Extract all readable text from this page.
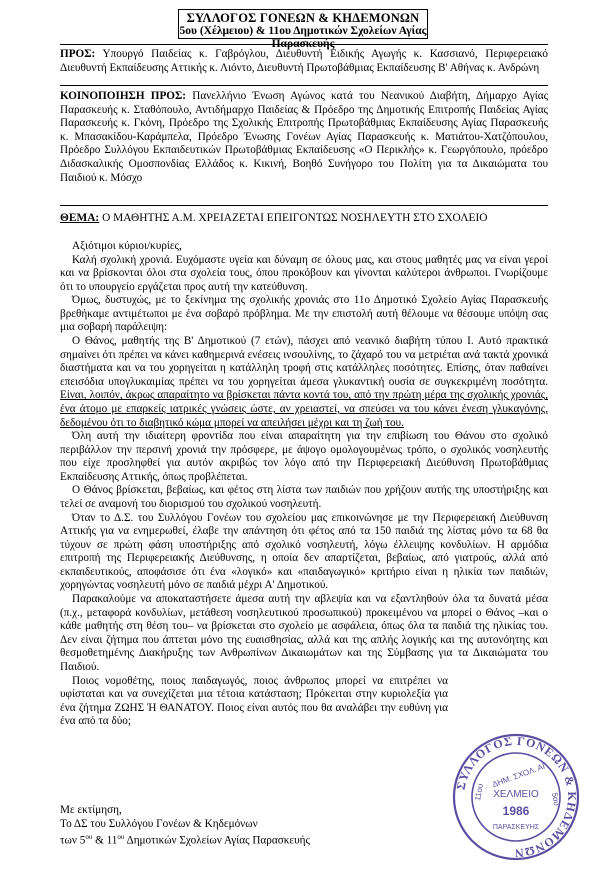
ΣΥΛΛΟΓΟΣ ΓΟΝΕΩΝ & ΚΗΔΕΜΟΝΩΝ
5ου (Χέλμειου) & 11ου Δημοτικών Σχολείων Αγίας Παρασκευής
ΠΡΟΣ: Υπουργό Παιδείας κ. Γαβρόγλου, Διευθυντή Ειδικής Αγωγής κ. Κασσιανό, Περιφερειακό Διευθυντή Εκπαίδευσης Αττικής κ. Λιόντο, Διευθυντή Πρωτοβάθμιας Εκπαίδευσης Β' Αθήνας κ. Ανδρώνη
ΚΟΙΝΟΠΟΙΗΣΗ ΠΡΟΣ: Πανελλήνιο Ένωση Αγώνος κατά του Νεανικού Διαβήτη, Δήμαρχο Αγίας Παρασκευής κ. Σταθόπουλο, Αντιδήμαρχο Παιδείας & Πρόεδρο της Δημοτικής Επιτροπής Παιδείας Αγίας Παρασκευής κ. Γκόνη, Πρόεδρο της Σχολικής Επιτροπής Πρωτοβάθμιας Εκπαίδευσης Αγίας Παρασκευής κ. Μπασακίδου-Καράμπελα, Πρόεδρο Ένωσης Γονέων Αγίας Παρασκευής κ. Ματιάτου-Χατζόπουλου, Πρόεδρο Συλλόγου Εκπαιδευτικών Πρωτοβάθμιας Εκπαίδευσης «Ο Περικλής» κ. Γεωργόπουλο, πρόεδρο Διδασκαλικής Ομοσπονδίας Ελλάδος κ. Κικινή, Βοηθό Συνήγορο του Πολίτη για τα Δικαιώματα του Παιδιού κ. Μόσχο
ΘΕΜΑ: Ο ΜΑΘΗΤΗΣ Α.Μ. ΧΡΕΙΑΖΕΤΑΙ ΕΠΕΙΓΟΝΤΩΣ ΝΟΣΗΛΕΥΤΗ ΣΤΟ ΣΧΟΛΕΙΟ

Αξιότιμοι κύριοι/κυρίες,

Καλή σχολική χρονιά. Ευχόμαστε υγεία και δύναμη σε όλους μας, και στους μαθητές μας να είναι γεροί και να βρίσκονται όλοι στα σχολεία τους, όπου προκόβουν και γίνονται καλύτεροι άνθρωποι. Γνωρίζουμε ότι το υπουργείο εργάζεται προς αυτή την κατεύθυνση.

Όμως, δυστυχώς, με το ξεκίνημα της σχολικής χρονιάς στο 11ο Δημοτικό Σχολείο Αγίας Παρασκευής βρεθήκαμε αντιμέτωποι με ένα σοβαρό πρόβλημα. Με την επιστολή αυτή θέλουμε να θέσουμε υπόψη σας μια σοβαρή παράλειψη:

Ο Θάνος, μαθητής της Β' Δημοτικού (7 ετών), πάσχει από νεανικό διαβήτη τύπου Ι. Αυτό πρακτικά σημαίνει ότι πρέπει να κάνει καθημερινά ενέσεις ινσουλίνης, το ζάχαρό του να μετριέται ανά τακτά χρονικά διαστήματα και να του χορηγείται η κατάλληλη τροφή στις κατάλληλες ποσότητες. Επίσης, όταν παθαίνει επεισόδια υπογλυκαιμίας πρέπει να του χορηγείται άμεσα γλυκαντική ουσία σε συγκεκριμένη ποσότητα. Είναι, λοιπόν, άκρως απαραίτητο να βρίσκεται πάντα κοντά του, από την πρώτη μέρα της σχολικής χρονιάς, ένα άτομο με επαρκείς ιατρικές γνώσεις ώστε, αν χρειαστεί, να σπεύσει να του κάνει ένεση γλυκαγόνης, δεδομένου ότι το διαβητικό κώμα μπορεί να απειλήσει μέχρι και τη ζωή του.

Όλη αυτή την ιδιαίτερη φροντίδα που είναι απαραίτητη για την επιβίωση του Θάνου στο σχολικό περιβάλλον την περσινή χρονιά την πρόσφερε, με άψογο ομολογουμένως τρόπο, ο σχολικός νοσηλευτής που είχε προσληφθεί για αυτόν ακριβώς τον λόγο από την Περιφερειακή Διεύθυνση Πρωτοβάθμιας Εκπαίδευσης Αττικής, όπως προβλέπεται.

Ο Θάνος βρίσκεται, βεβαίως, και φέτος στη λίστα των παιδιών που χρήζουν αυτής της υποστήριξης και τελεί σε αναμονή του διορισμού του σχολικού νοσηλευτή.

Όταν το Δ.Σ. του Συλλόγου Γονέων του σχολείου μας επικοινώνησε με την Περιφερειακή Διεύθυνση Αττικής για να ενημερωθεί, έλαβε την απάντηση ότι φέτος από τα 150 παιδιά της λίστας μόνο τα 68 θα τύχουν σε πρώτη φάση υποστήριξης από σχολικό νοσηλευτή, λόγω έλλειψης κονδυλίων. Η αρμόδια επιτροπή της Περιφερειακής Διεύθυνσης, η οποία δεν απαρτίζεται, βεβαίως, από γιατρούς, αλλά από εκπαιδευτικούς, αποφάσισε ότι ένα «λογικό» και «παιδαγωγικό» κριτήριο είναι η ηλικία των παιδιών, χορηγώντας νοσηλευτή μόνο σε παιδιά μέχρι Α' Δημοτικού.

Παρακαλούμε να αποκαταστήσετε άμεσα αυτή την αβλεψία και να εξαντληθούν όλα τα δυνατά μέσα (π.χ., μεταφορά κονδυλίων, μετάθεση νοσηλευτικού προσωπικού) προκειμένου να μπορεί ο Θάνος –και ο κάθε μαθητής στη θέση του– να βρίσκεται στο σχολείο με ασφάλεια, όπως όλα τα παιδιά της ηλικίας του. Δεν είναι ζήτημα που άπτεται μόνο της ευαισθησίας, αλλά και της απλής λογικής και της αυτονόητης και θεσμοθετημένης Διακήρυξης των Ανθρωπίνων Δικαιωμάτων και της Σύμβασης για τα Δικαιώματα του Παιδιού.

Ποιος νομοθέτης, ποιος παιδαγωγός, ποιος άνθρωπος μπορεί να επιτρέπει να υφίσταται και να συνεχίζεται μια τέτοια κατάσταση; Πρόκειται στην κυριολεξία για ένα ζήτημα ΖΩΗΣ Ή ΘΑΝΑΤΟΥ. Ποιος είναι αυτός που θα αναλάβει την ευθύνη για ένα από τα δύο;

Με εκτίμηση,
Το ΔΣ του Συλλόγου Γονέων & Κηδεμόνων
των $5^{o\upsilon}$ & $11^{o\upsilon}$ Δημοτικών Σχολείων Αγίας Παρασκευής
ΣΥΛΛΟΓΟΣ ΓΟΝΕΩΝ & ΚΗΔΕΜΟΝΩΝ
ΔΗΜ. ΣΧΟΛ. ΑΓ.
ΧΕΛΜΕΙΟ
1986
ΠΑΡΑΣΚΕΥΗΣ
11ου	5ου
